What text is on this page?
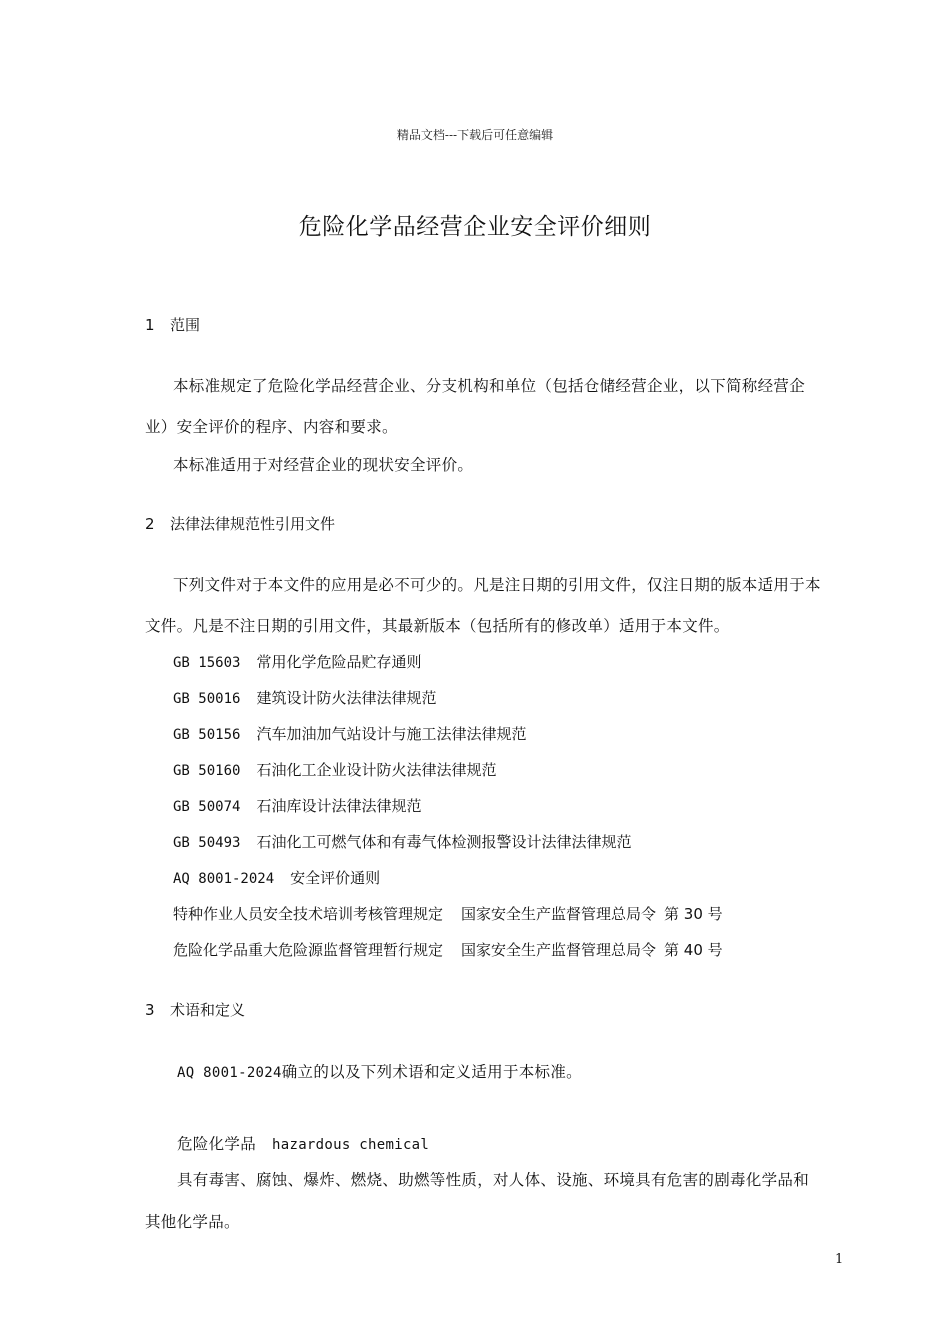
精品文档---下载后可任意编辑
危险化学品经营企业安全评价细则
1 范围
本标准规定了危险化学品经营企业、分支机构和单位（包括仓储经营企业，以下简称经营企
业）安全评价的程序、内容和要求。
本标准适用于对经营企业的现状安全评价。
2 法律法律规范性引用文件
下列文件对于本文件的应用是必不可少的。凡是注日期的引用文件，仅注日期的版本适用于本
文件。凡是不注日期的引用文件，其最新版本（包括所有的修改单）适用于本文件。
GB 15603 常用化学危险品贮存通则
GB 50016 建筑设计防火法律法律规范
GB 50156 汽车加油加气站设计与施工法律法律规范
GB 50160 石油化工企业设计防火法律法律规范
GB 50074 石油库设计法律法律规范
GB 50493 石油化工可燃气体和有毒气体检测报警设计法律法律规范
AQ 8001-2024 安全评价通则
特种作业人员安全技术培训考核管理规定 国家安全生产监督管理总局令 第 30 号
危险化学品重大危险源监督管理暂行规定 国家安全生产监督管理总局令 第 40 号
3 术语和定义
AQ 8001-2024确立的以及下列术语和定义适用于本标准。
危险化学品 hazardous chemical
具有毒害、腐蚀、爆炸、燃烧、助燃等性质，对人体、设施、环境具有危害的剧毒化学品和
其他化学品。
1
